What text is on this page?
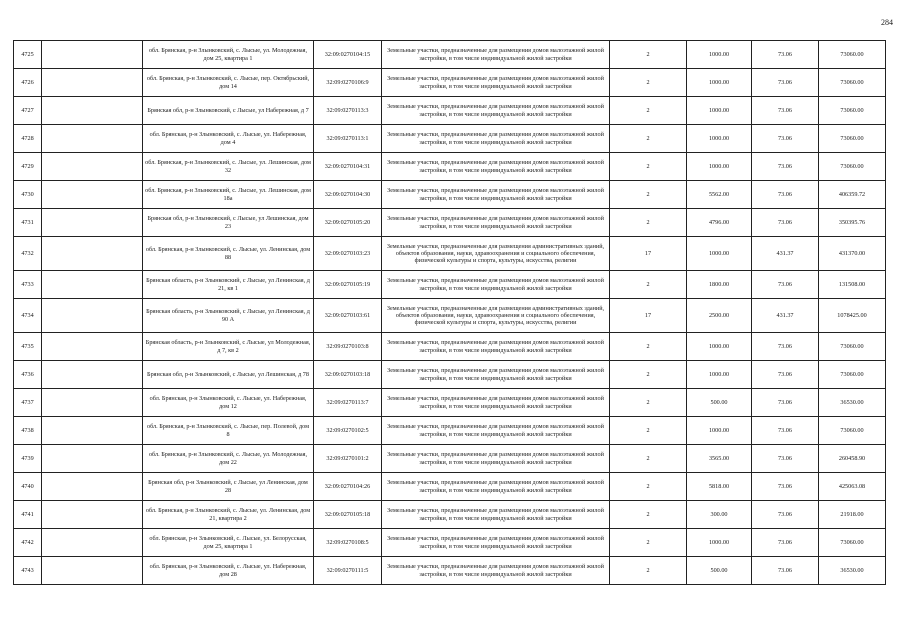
284
4725		обл. Брянская, р-н Злынковский, с. Лысые, ул. Молодежная, дом 25, квартира 1	32:09:0270104:15	Земельные участки, предназначенные для размещения домов малоэтажной жилой застройки, в том числе индивидуальной жилой застройки	2	1000.00	73.06	73060.00
4726		обл. Брянская, р-н Злынковский, с. Лысые, пер. Октябрьский, дом 14	32:09:0270106:9	Земельные участки, предназначенные для размещения домов малоэтажной жилой застройки, в том числе индивидуальной жилой застройки	2	1000.00	73.06	73060.00
4727		Брянская обл, р-н Злынковский, с Лысые, ул Набережная, д 7	32:09:0270113:3	Земельные участки, предназначенные для размещения домов малоэтажной жилой застройки, в том числе индивидуальной жилой застройки	2	1000.00	73.06	73060.00
4728		обл. Брянская, р-н Злынковский, с. Лысые, ул. Набережная, дом 4	32:09:0270113:1	Земельные участки, предназначенные для размещения домов малоэтажной жилой застройки, в том числе индивидуальной жилой застройки	2	1000.00	73.06	73060.00
4729		обл. Брянская, р-н Злынковский, с. Лысые, ул. Лешинская, дом 32	32:09:0270104:31	Земельные участки, предназначенные для размещения домов малоэтажной жилой застройки, в том числе индивидуальной жилой застройки	2	1000.00	73.06	73060.00
4730		обл. Брянская, р-н Злынковский, с. Лысые, ул. Лешинская, дом 18а	32:09:0270104:30	Земельные участки, предназначенные для размещения домов малоэтажной жилой застройки, в том числе индивидуальной жилой застройки	2	5562.00	73.06	406359.72
4731		Брянская обл, р-н Злынковский, с Лысые, ул Лешинская, дом 23	32:09:0270105:20	Земельные участки, предназначенные для размещения домов малоэтажной жилой застройки, в том числе индивидуальной жилой застройки	2	4796.00	73.06	350395.76
4732		обл. Брянская, р-н Злынковский, с. Лысые, ул. Ленинская, дом 88	32:09:0270103:23	Земельные участки, предназначенные для размещения административных зданий, объектов образования, науки, здравоохранения и социального обеспечения, физической культуры и спорта, культуры, искусства, религии	17	1000.00	431.37	431370.00
4733		Брянская область, р-н Злынковский, с Лысые, ул Ленинская, д 21, кв 1	32:09:0270105:19	Земельные участки, предназначенные для размещения домов малоэтажной жилой застройки, в том числе индивидуальной жилой застройки	2	1800.00	73.06	131508.00
4734		Брянская область, р-н Злынковский, с Лысые, ул Ленинская, д 90 А	32:09:0270103:61	Земельные участки, предназначенные для размещения административных зданий, объектов образования, науки, здравоохранения и социального обеспечения, физической культуры и спорта, культуры, искусства, религии	17	2500.00	431.37	1078425.00
4735		Брянская область, р-н Злынковский, с Лысые, ул Молодежная, д 7, кв 2	32:09:0270103:8	Земельные участки, предназначенные для размещения домов малоэтажной жилой застройки, в том числе индивидуальной жилой застройки	2	1000.00	73.06	73060.00
4736		Брянская обл, р-н Злынковский, с Лысые, ул Лешинская, д 78	32:09:0270103:18	Земельные участки, предназначенные для размещения домов малоэтажной жилой застройки, в том числе индивидуальной жилой застройки	2	1000.00	73.06	73060.00
4737		обл. Брянская, р-н Злынковский, с. Лысые, ул. Набережная, дом 12	32:09:0270113:7	Земельные участки, предназначенные для размещения домов малоэтажной жилой застройки, в том числе индивидуальной жилой застройки	2	500.00	73.06	36530.00
4738		обл. Брянская, р-н Злынковский, с. Лысые, пер. Полевой, дом 8	32:09:0270102:5	Земельные участки, предназначенные для размещения домов малоэтажной жилой застройки, в том числе индивидуальной жилой застройки	2	1000.00	73.06	73060.00
4739		обл. Брянская, р-н Злынковский, с. Лысые, ул. Молодежная, дом 22	32:09:0270101:2	Земельные участки, предназначенные для размещения домов малоэтажной жилой застройки, в том числе индивидуальной жилой застройки	2	3565.00	73.06	260458.90
4740		Брянская обл, р-н Злынковский, с Лысые, ул Ленинская, дом 28	32:09:0270104:26	Земельные участки, предназначенные для размещения домов малоэтажной жилой застройки, в том числе индивидуальной жилой застройки	2	5818.00	73.06	425063.08
4741		обл. Брянская, р-н Злынковский, с. Лысые, ул. Ленинская, дом 21, квартира 2	32:09:0270105:18	Земельные участки, предназначенные для размещения домов малоэтажной жилой застройки, в том числе индивидуальной жилой застройки	2	300.00	73.06	21918.00
4742		обл. Брянская, р-н Злынковский, с. Лысые, ул. Белорусская, дом 25, квартира 1	32:09:0270108:5	Земельные участки, предназначенные для размещения домов малоэтажной жилой застройки, в том числе индивидуальной жилой застройки	2	1000.00	73.06	73060.00
4743		обл. Брянская, р-н Злынковский, с. Лысые, ул. Набережная, дом 28	32:09:0270111:5	Земельные участки, предназначенные для размещения домов малоэтажной жилой застройки, в том числе индивидуальной жилой застройки	2	500.00	73.06	36530.00
